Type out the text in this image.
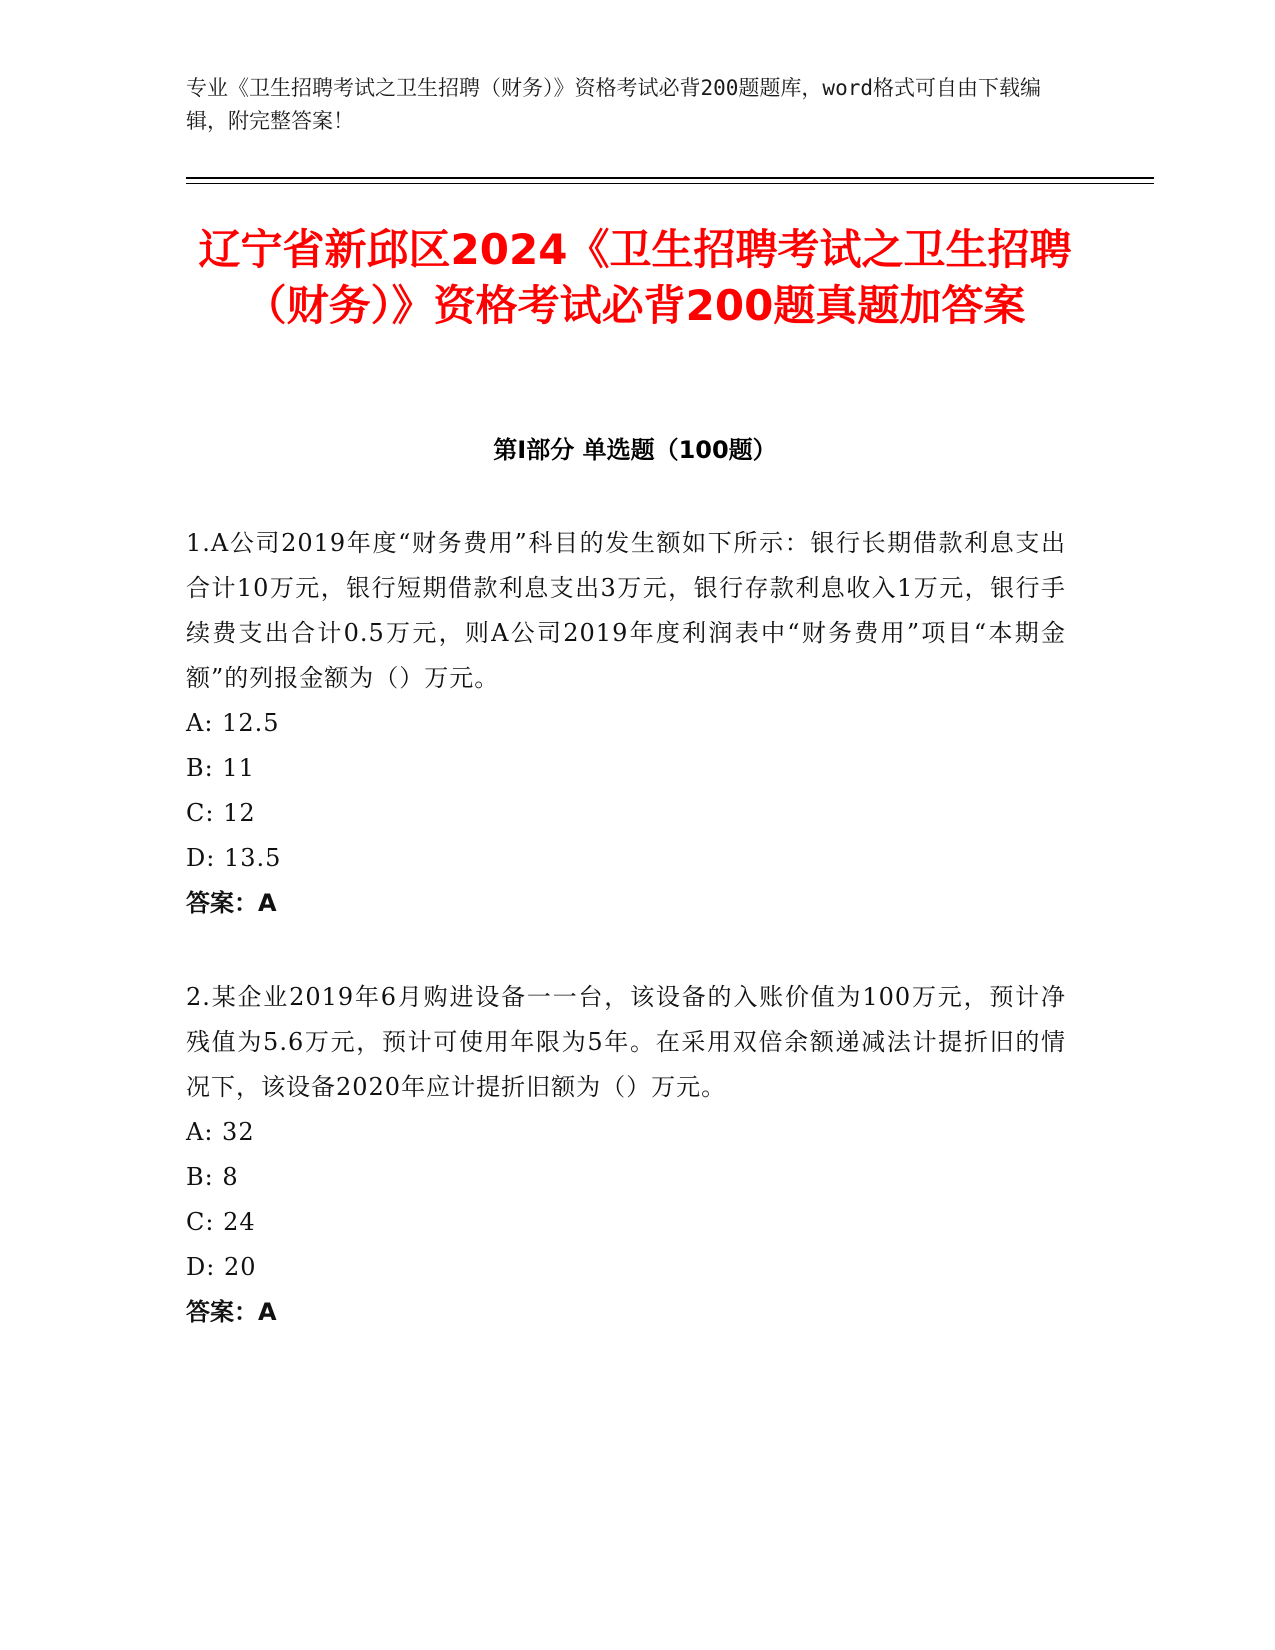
专业《卫生招聘考试之卫生招聘（财务）》资格考试必背200题题库，word格式可自由下载编辑，附完整答案！
辽宁省新邱区2024《卫生招聘考试之卫生招聘（财务）》资格考试必背200题真题加答案
第I部分 单选题（100题）
1.A公司2019年度“财务费用”科目的发生额如下所示：银行长期借款利息支出合计10万元，银行短期借款利息支出3万元，银行存款利息收入1万元，银行手续费支出合计0.5万元，则A公司2019年度利润表中“财务费用”项目“本期金额”的列报金额为（）万元。
A: 12.5
B: 11
C: 12
D: 13.5
答案：A
2.某企业2019年6月购进设备一一台，该设备的入账价值为100万元，预计净残值为5.6万元，预计可使用年限为5年。在采用双倍余额递减法计提折旧的情况下，该设备2020年应计提折旧额为（）万元。
A: 32
B: 8
C: 24
D: 20
答案：A
